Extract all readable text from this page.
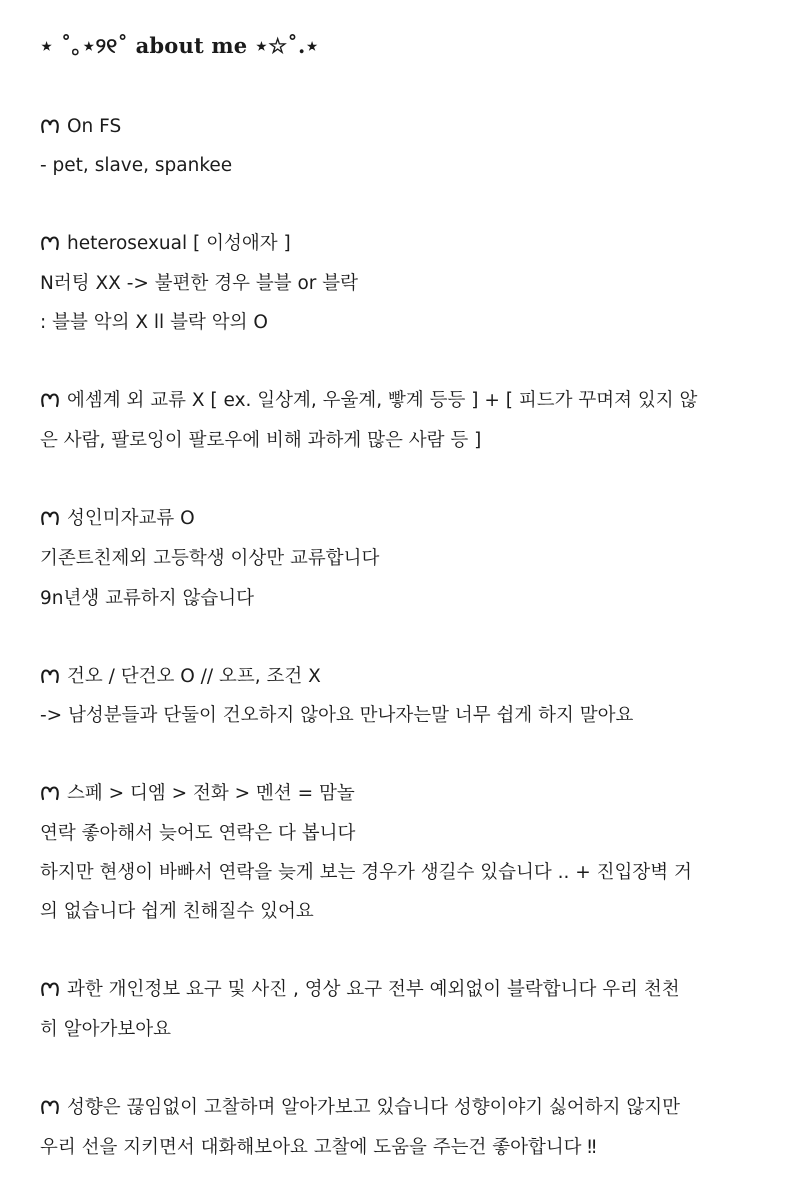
⋆ ˚｡⋆୨୧˚ about me ⋆☆˚.⋆
On FS
- pet, slave, spankee
heterosexual [ 이성애자 ]
N러팅 XX -> 불편한 경우 블블 or 블락
: 블블 악의 X ll 블락 악의 O
에셈계 외 교류 X [ ex. 일상계, 우울계, 빻계 등등 ] + [ 피드가 꾸며져 있지 않
은 사람, 팔로잉이 팔로우에 비해 과하게 많은 사람 등 ]
성인미자교류 O
기존트친제외 고등학생 이상만 교류합니다
9n년생 교류하지 않습니다
건오 / 단건오 O // 오프, 조건 X
-> 남성분들과 단둘이 건오하지 않아요 만나자는말 너무 쉽게 하지 말아요
스페 > 디엠 > 전화 > 멘션 = 맘놀
연락 좋아해서 늦어도 연락은 다 봅니다
하지만 현생이 바빠서 연락을 늦게 보는 경우가 생길수 있습니다 .. + 진입장벽 거
의 없습니다 쉽게 친해질수 있어요
과한 개인정보 요구 및 사진 , 영상 요구 전부 예외없이 블락합니다 우리 천천
히 알아가보아요
성향은 끊임없이 고찰하며 알아가보고 있습니다 성향이야기 싫어하지 않지만
우리 선을 지키면서 대화해보아요 고찰에 도움을 주는건 좋아합니다 ‼
